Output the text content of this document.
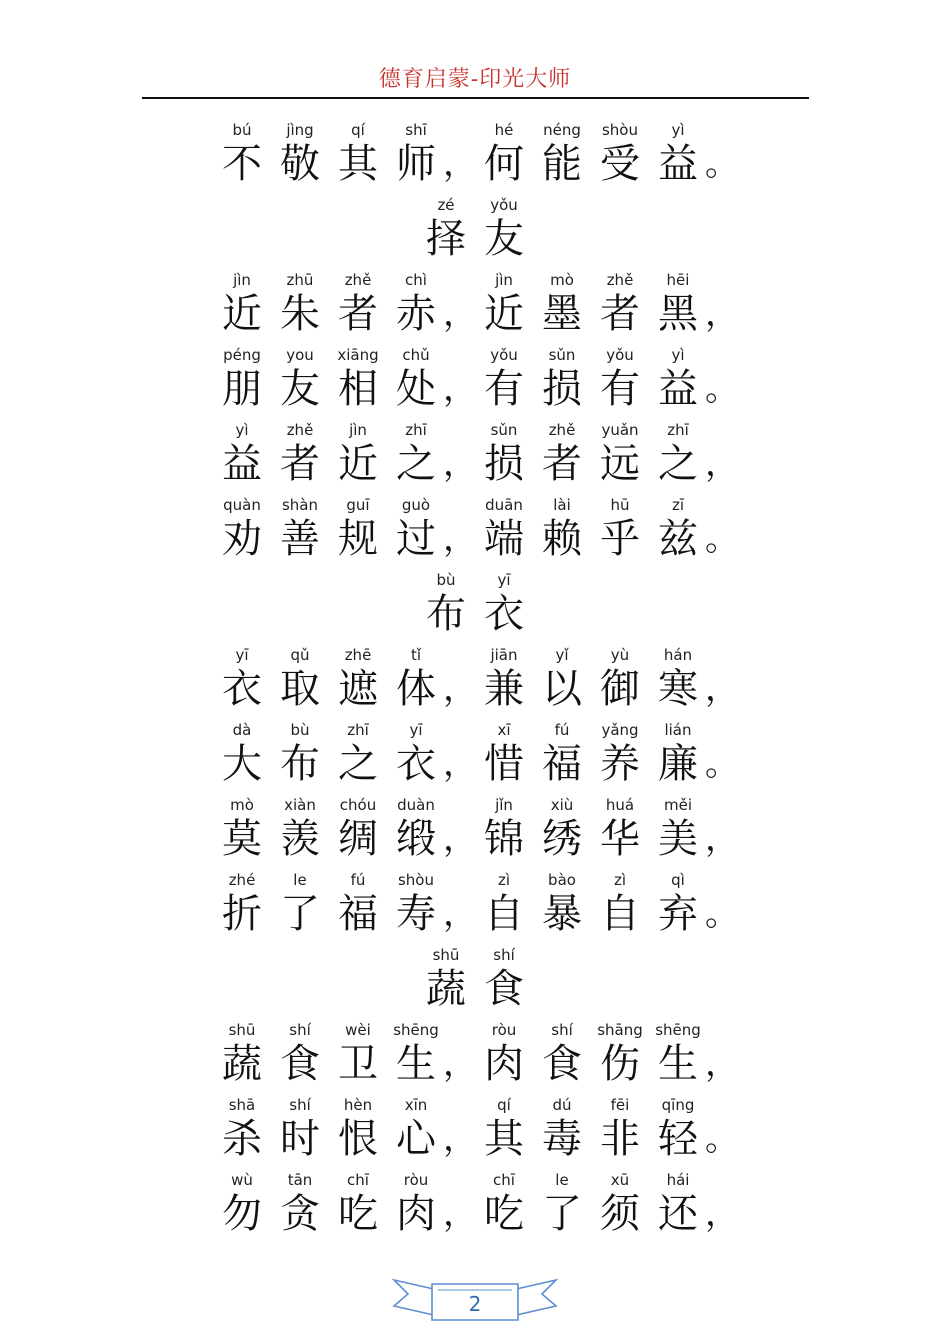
德育启蒙-印光大师
bú
不
jìng
敬
qí
其
shī
师 ，
hé
何
néng
能
shòu
受
yì
益 。
zé
择
yǒu
友
jìn
近
zhū
朱
zhě
者
chì
赤 ，
jìn
近
mò
墨
zhě
者
hēi
黑 ，
péng
朋
you
友
xiāng
相
chǔ
处 ，
yǒu
有
sǔn
损
yǒu
有
yì
益 。
yì
益
zhě
者
jìn
近
zhī
之 ，
sǔn
损
zhě
者
yuǎn
远
zhī
之 ，
quàn
劝
shàn
善
guī
规
guò
过 ，
duān
端
lài
赖
hū
乎
zī
兹 。
bù
布
yī
衣
yī
衣
qǔ
取
zhē
遮
tǐ
体 ，
jiān
兼
yǐ
以
yù
御
hán
寒 ，
dà
大
bù
布
zhī
之
yī
衣 ，
xī
惜
fú
福
yǎng
养
lián
廉 。
mò
莫
xiàn
羡
chóu
绸
duàn
缎 ，
jǐn
锦
xiù
绣
huá
华
měi
美 ，
zhé
折
le
了
fú
福
shòu
寿 ，
zì
自
bào
暴
zì
自
qì
弃 。
shū
蔬
shí
食
shū
蔬
shí
食
wèi
卫
shēng
生 ，
ròu
肉
shí
食
shāng
伤
shēng
生 ，
shā
杀
shí
时
hèn
恨
xīn
心 ，
qí
其
dú
毒
fēi
非
qīng
轻 。
wù
勿
tān
贪
chī
吃
ròu
肉 ，
chī
吃
le
了
xū
须
hái
还 ，
2
